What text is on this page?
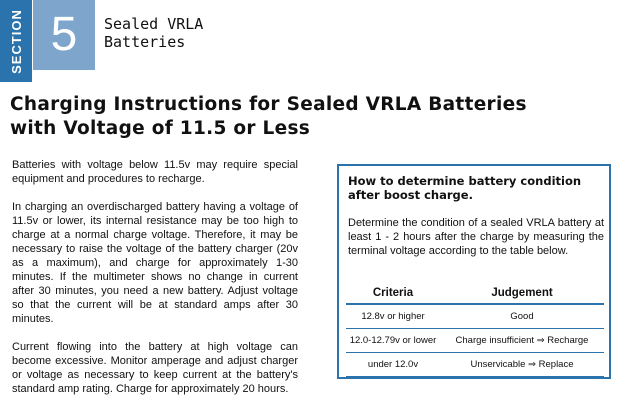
SECTION 5 Sealed VRLA
Batteries
Charging Instructions for Sealed VRLA Batteries
with Voltage of 11.5 or Less

Batteries with voltage below 11.5v may require special equipment and procedures to recharge.

In charging an overdischarged battery having a voltage of 11.5v or lower, its internal resistance may be too high to charge at a normal charge voltage. Therefore, it may be necessary to raise the voltage of the battery charger (20v as a maximum), and charge for approximately 1-30 minutes. If the multimeter shows no change in current after 30 minutes, you need a new battery. Adjust voltage so that the current will be at standard amps after 30 minutes.

Current flowing into the battery at high voltage can become excessive. Monitor amperage and adjust charger or voltage as necessary to keep current at the battery's standard amp rating. Charge for approximately 20 hours.

How to determine battery condition
after boost charge.
Determine the condition of a sealed VRLA battery at least 1 - 2 hours after the charge by measuring the terminal voltage according to the table below.
Criteria	Judgement
12.8v or higher	Good
12.0-12.79v or lower	Charge insufficient ⇒ Recharge
under 12.0v	Unservicable ⇒ Replace
